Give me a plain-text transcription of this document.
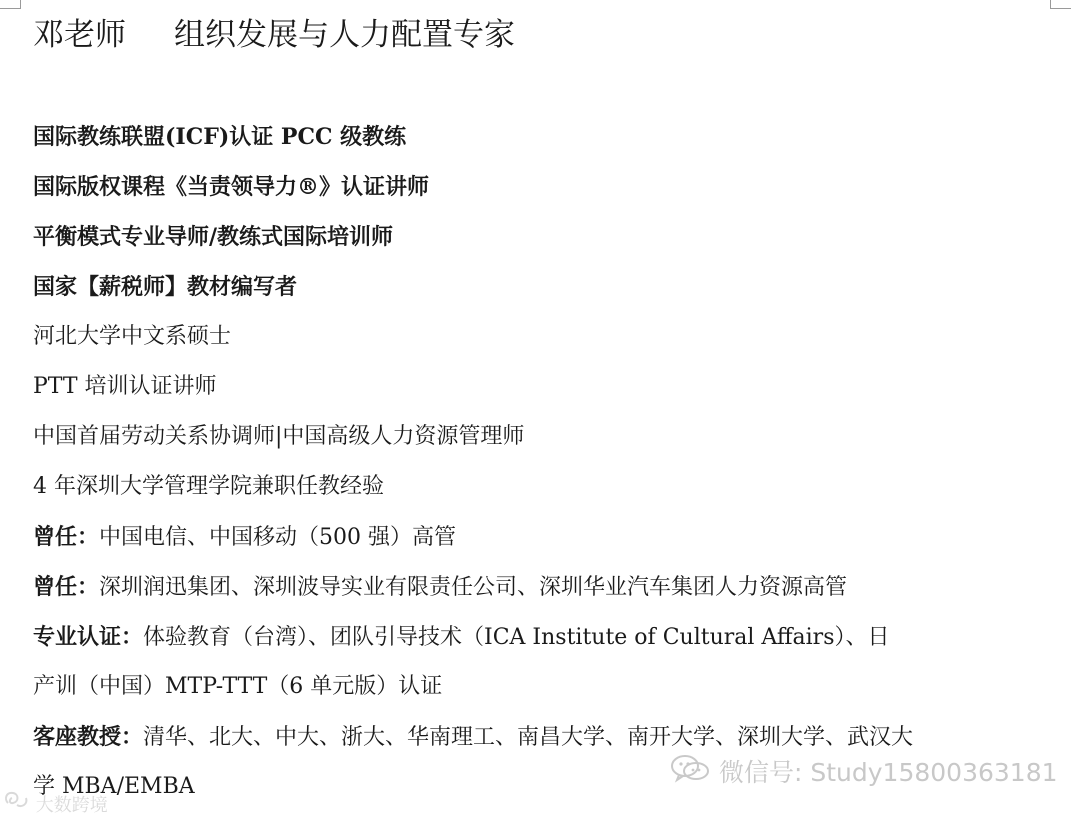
邓老师 组织发展与人力配置专家
国际教练联盟(ICF)认证 PCC 级教练
国际版权课程《当责领导力®》认证讲师
平衡模式专业导师/教练式国际培训师
国家【薪税师】教材编写者
河北大学中文系硕士
PTT 培训认证讲师
中国首届劳动关系协调师|中国高级人力资源管理师
4 年深圳大学管理学院兼职任教经验
曾任：中国电信、中国移动（500 强）高管
曾任：深圳润迅集团、深圳波导实业有限责任公司、深圳华业汽车集团人力资源高管
专业认证：体验教育（台湾）、团队引导技术（ICA Institute of Cultural Affairs）、日
产训（中国）MTP-TTT（6 单元版）认证
客座教授：清华、北大、中大、浙大、华南理工、南昌大学、南开大学、深圳大学、武汉大
学 MBA/EMBA
大数跨境
微信号: Study15800363181
